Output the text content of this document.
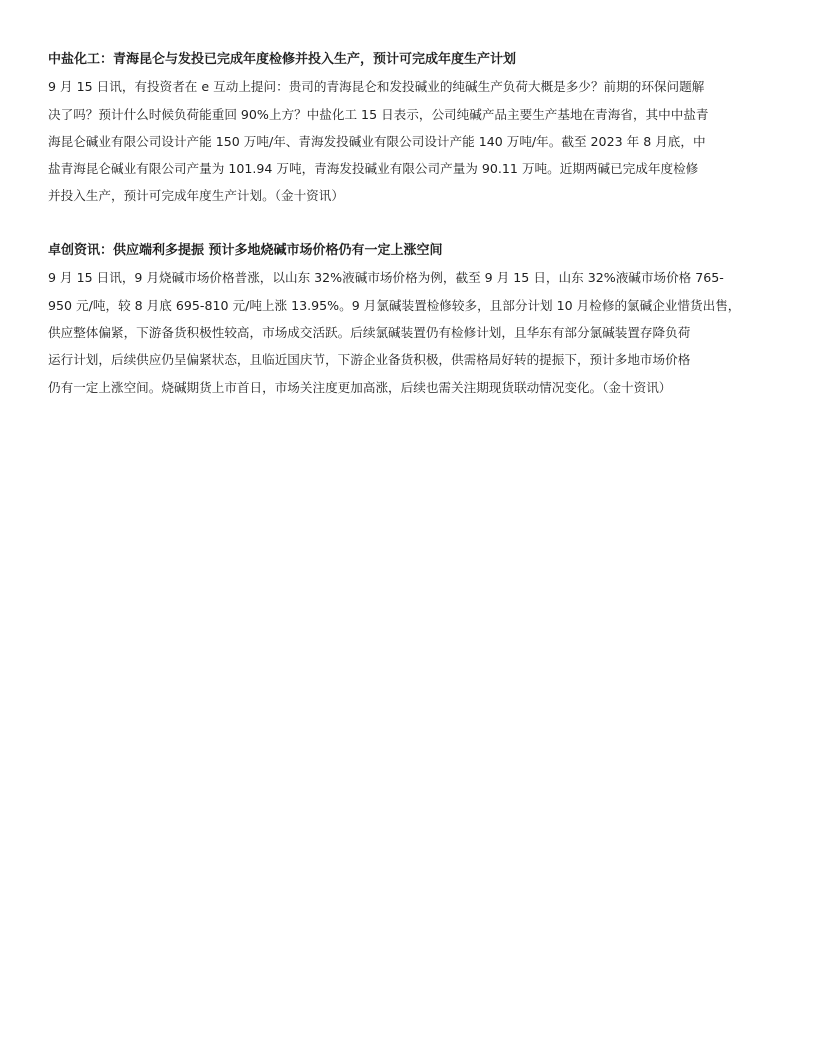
中盐化工：青海昆仑与发投已完成年度检修并投入生产，预计可完成年度生产计划
9 月 15 日讯，有投资者在 e 互动上提问：贵司的青海昆仑和发投碱业的纯碱生产负荷大概是多少？前期的环保问题解
决了吗？预计什么时候负荷能重回 90%上方？中盐化工 15 日表示，公司纯碱产品主要生产基地在青海省，其中中盐青
海昆仑碱业有限公司设计产能 150 万吨/年、青海发投碱业有限公司设计产能 140 万吨/年。截至 2023 年 8 月底，中
盐青海昆仑碱业有限公司产量为 101.94 万吨，青海发投碱业有限公司产量为 90.11 万吨。近期两碱已完成年度检修
并投入生产，预计可完成年度生产计划。（金十资讯）
卓创资讯：供应端利多提振 预计多地烧碱市场价格仍有一定上涨空间
9 月 15 日讯，9 月烧碱市场价格普涨，以山东 32%液碱市场价格为例，截至 9 月 15 日，山东 32%液碱市场价格 765-
950 元/吨，较 8 月底 695-810 元/吨上涨 13.95%。9 月氯碱装置检修较多，且部分计划 10 月检修的氯碱企业惜货出售，
供应整体偏紧，下游备货积极性较高，市场成交活跃。后续氯碱装置仍有检修计划，且华东有部分氯碱装置存降负荷
运行计划，后续供应仍呈偏紧状态，且临近国庆节，下游企业备货积极，供需格局好转的提振下，预计多地市场价格
仍有一定上涨空间。烧碱期货上市首日，市场关注度更加高涨，后续也需关注期现货联动情况变化。（金十资讯）
